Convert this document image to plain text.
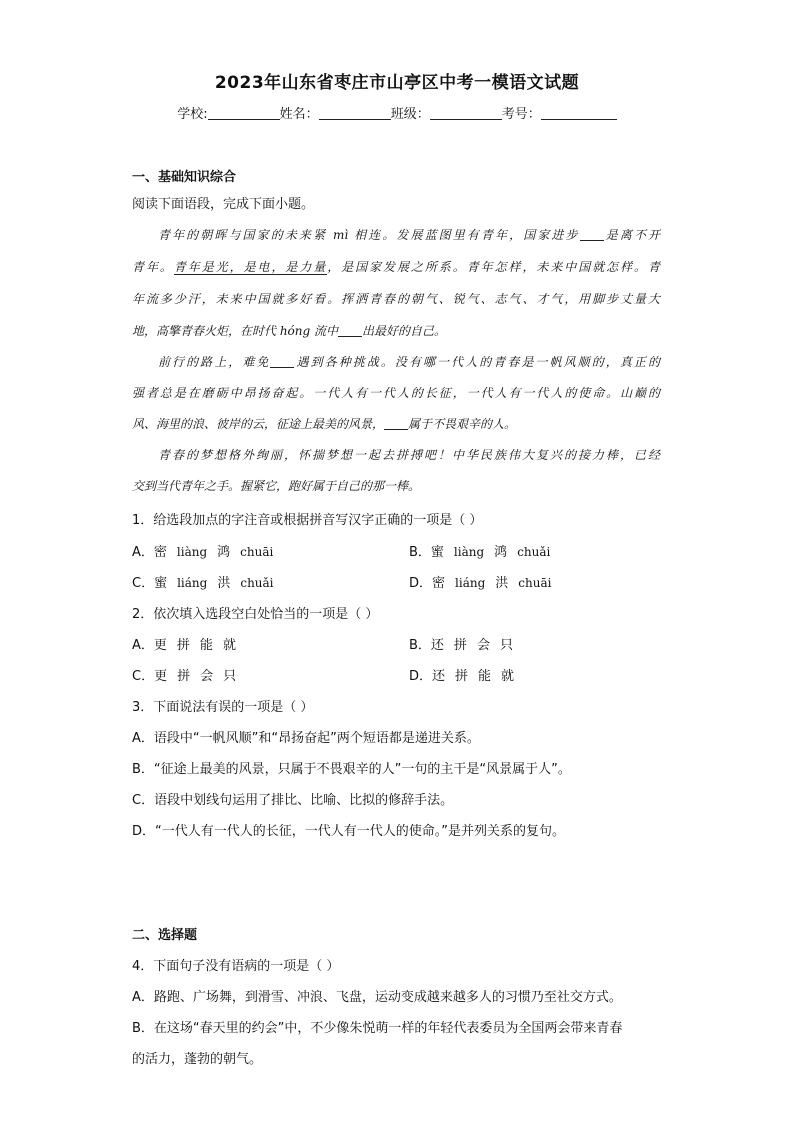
2023年山东省枣庄市山亭区中考一模语文试题
学校:	姓名：	班级：	考号：
一、基础知识综合
阅读下面语段，完成下面小题。
青年的朝晖与国家的未来紧 mì 相连。发展蓝图里有青年，国家进步 是离不开
青年。青年是光，是电，是力量，是国家发展之所系。青年怎样，未来中国就怎样。青
年流多少汗，未来中国就多好看。挥洒青春的朝气、锐气、志气、才气，用脚步丈量大
地，高擎青春火炬，在时代 hóng 流中 出最好的自己。
前行的路上，难免 遇到各种挑战。没有哪一代人的青春是一帆风顺的，真正的
强者总是在磨砺中昂扬奋起。一代人有一代人的长征，一代人有一代人的使命。山巅的
风、海里的浪、彼岸的云，征途上最美的风景， 属于不畏艰辛的人。
青春的梦想格外绚丽，怀揣梦想一起去拼搏吧！中华民族伟大复兴的接力棒，已经
交到当代青年之手。握紧它，跑好属于自己的那一棒。
1．给选段加点的字注音或根据拼音写汉字正确的一项是（ ）
A．密 liàng 鸿 chuāi	B．蜜 liàng 鸿 chuǎi
C．蜜 liáng 洪 chuǎi	D．密 liáng 洪 chuāi
2．依次填入选段空白处恰当的一项是（ ）
A．更 拼 能 就	B．还 拼 会 只
C．更 拼 会 只	D．还 拼 能 就
3．下面说法有误的一项是（ ）
A．语段中“一帆风顺”和“昂扬奋起”两个短语都是递进关系。
B．“征途上最美的风景，只属于不畏艰辛的人”一句的主干是“风景属于人”。
C．语段中划线句运用了排比、比喻、比拟的修辞手法。
D．“一代人有一代人的长征，一代人有一代人的使命。”是并列关系的复句。
二、选择题
4．下面句子没有语病的一项是（ ）
A．路跑、广场舞，到滑雪、冲浪、飞盘，运动变成越来越多人的习惯乃至社交方式。
B．在这场“春天里的约会”中，不少像朱悦萌一样的年轻代表委员为全国两会带来青春
的活力，蓬勃的朝气。
